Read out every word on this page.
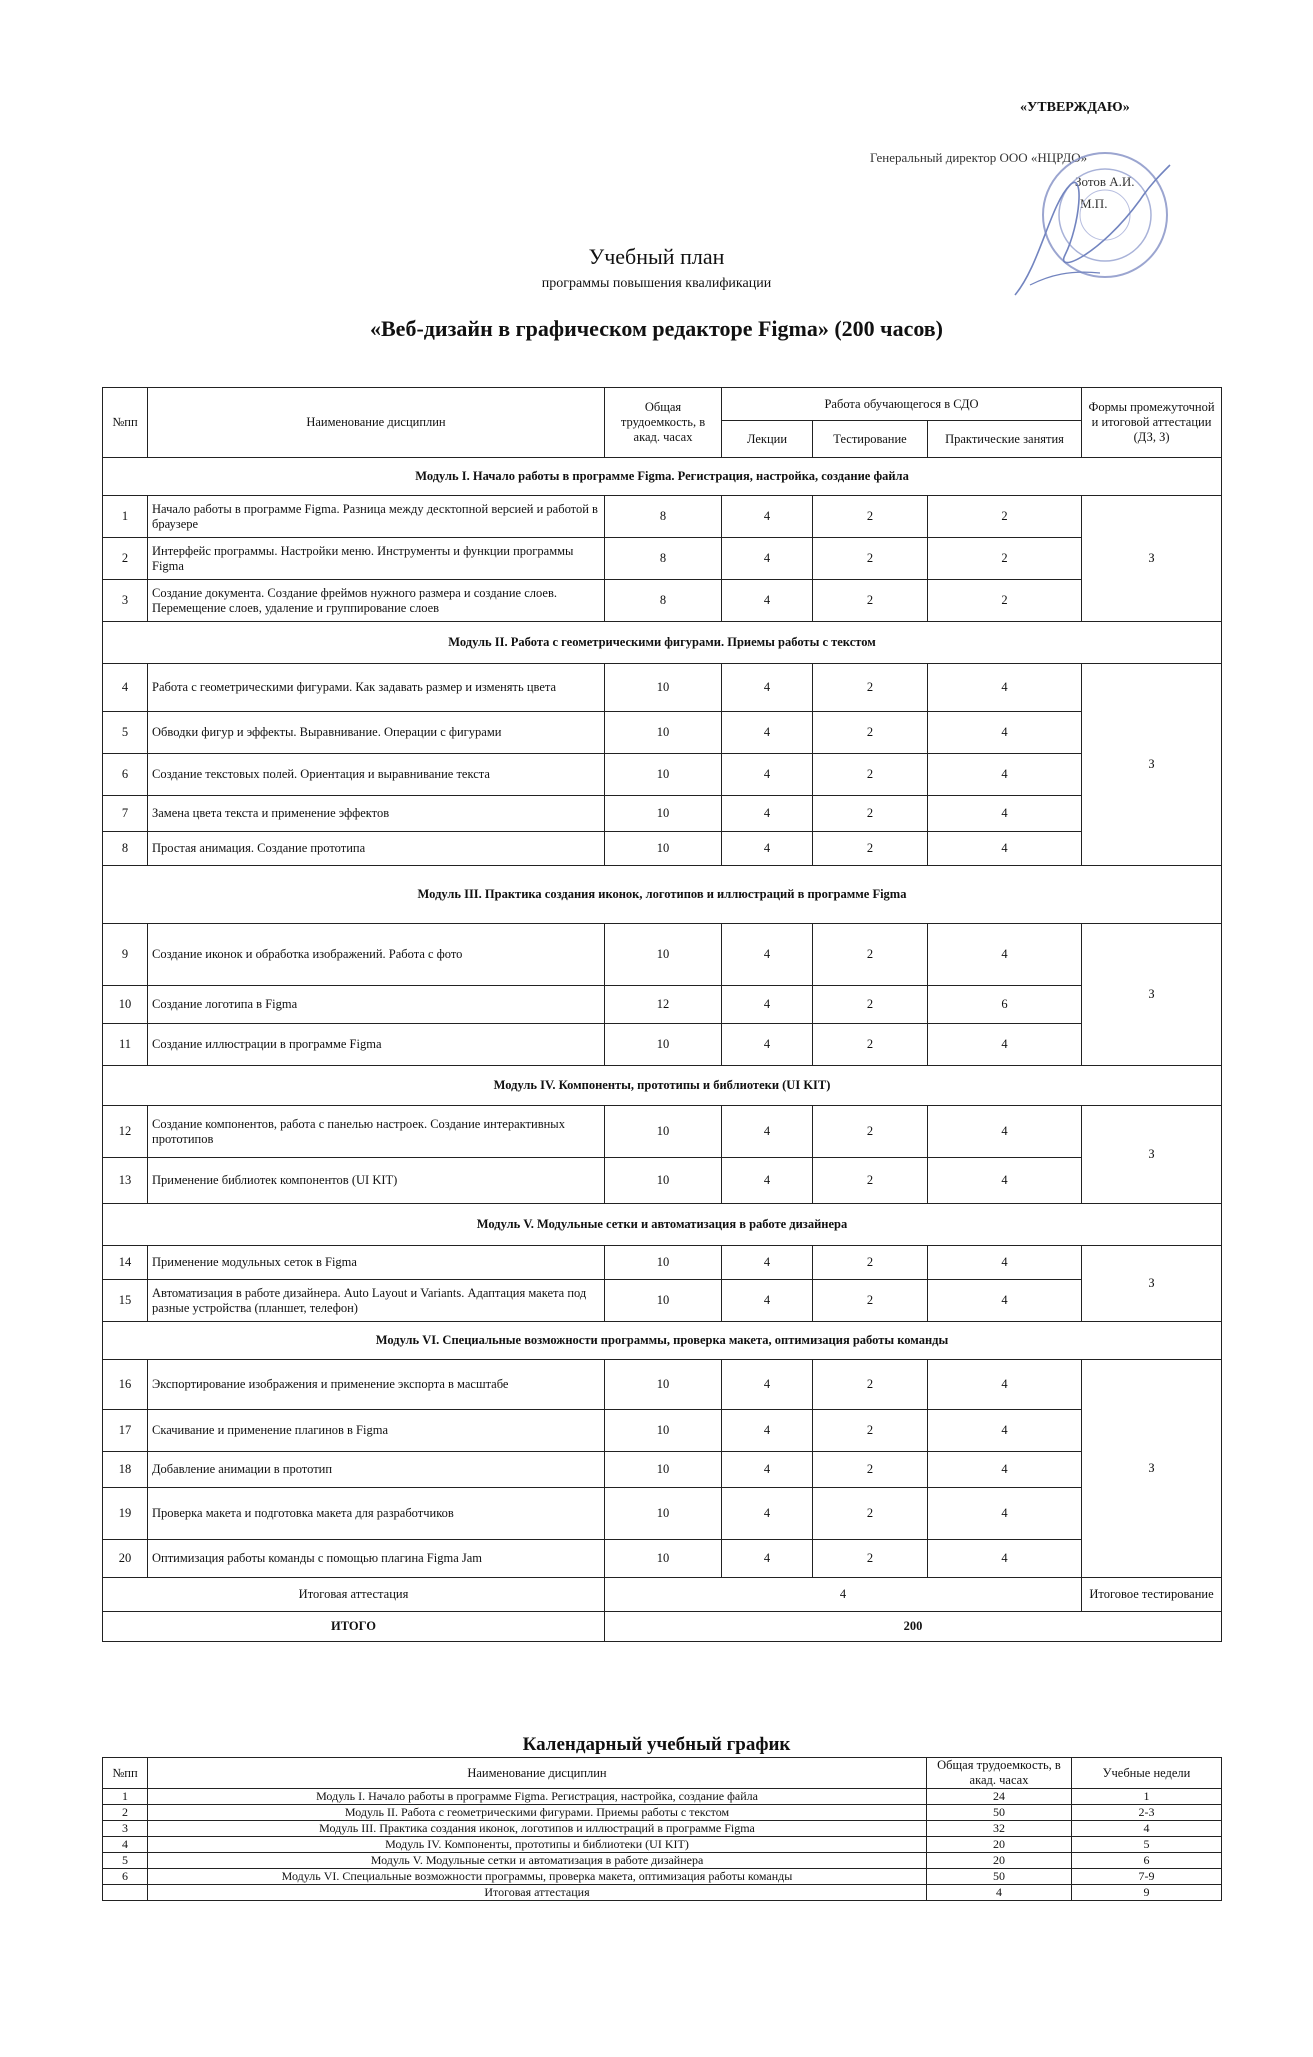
«УТВЕРЖДАЮ»
Генеральный директор ООО «НЦРДО»
Зотов А.И.
М.П.
Учебный план
программы повышения квалификации
«Веб-дизайн в графическом редакторе Figma» (200 часов)
№пп	Наименование дисциплин	Общая трудоемкость, в акад. часах	Работа обучающегося в СДО			Формы промежуточной и итоговой аттестации (ДЗ, З)
			Лекции	Тестирование	Практические занятия	
Модуль I. Начало работы в программе Figma. Регистрация, настройка, создание файла						
1	Начало работы в программе Figma. Разница между десктопной версией и работой в браузере	8	4	2	2	З
2	Интерфейс программы. Настройки меню. Инструменты и функции программы Figma	8	4	2	2	
3	Создание документа. Создание фреймов нужного размера и создание слоев. Перемещение слоев, удаление и группирование слоев	8	4	2	2	
Модуль II. Работа с геометрическими фигурами. Приемы работы с текстом						
4	Работа с геометрическими фигурами. Как задавать размер и изменять цвета	10	4	2	4	З
5	Обводки фигур и эффекты. Выравнивание. Операции с фигурами	10	4	2	4	
6	Создание текстовых полей. Ориентация и выравнивание текста	10	4	2	4	
7	Замена цвета текста и применение эффектов	10	4	2	4	
8	Простая анимация. Создание прототипа	10	4	2	4	
Модуль III. Практика создания иконок, логотипов и иллюстраций в программе Figma						
9	Создание иконок и обработка изображений. Работа с фото	10	4	2	4	З
10	Создание логотипа в Figma	12	4	2	6	
11	Создание иллюстрации в программе Figma	10	4	2	4	
Модуль IV. Компоненты, прототипы и библиотеки (UI KIT)						
12	Создание компонентов, работа с панелью настроек. Создание интерактивных прототипов	10	4	2	4	З
13	Применение библиотек компонентов (UI KIT)	10	4	2	4	
Модуль V. Модульные сетки и автоматизация в работе дизайнера						
14	Применение модульных сеток в Figma	10	4	2	4	З
15	Автоматизация в работе дизайнера. Auto Layout и Variants. Адаптация макета под разные устройства (планшет, телефон)	10	4	2	4	
Модуль VI. Специальные возможности программы, проверка макета, оптимизация работы команды						
16	Экспортирование изображения и применение экспорта в масштабе	10	4	2	4	З
17	Скачивание и применение плагинов в Figma	10	4	2	4	
18	Добавление анимации в прототип	10	4	2	4	
19	Проверка макета и подготовка макета для разработчиков	10	4	2	4	
20	Оптимизация работы команды с помощью плагина Figma Jam	10	4	2	4	
Итоговая аттестация		4				Итоговое тестирование
ИТОГО		200				
Календарный учебный график
№пп	Наименование дисциплин	Общая трудоемкость, в акад. часах	Учебные недели
1	Модуль I. Начало работы в программе Figma. Регистрация, настройка, создание файла	24	1
2	Модуль II. Работа с геометрическими фигурами. Приемы работы с текстом	50	2-3
3	Модуль III. Практика создания иконок, логотипов и иллюстраций в программе Figma	32	4
4	Модуль IV. Компоненты, прототипы и библиотеки (UI KIT)	20	5
5	Модуль V. Модульные сетки и автоматизация в работе дизайнера	20	6
6	Модуль VI. Специальные возможности программы, проверка макета, оптимизация работы команды	50	7-9
	Итоговая аттестация	4	9
